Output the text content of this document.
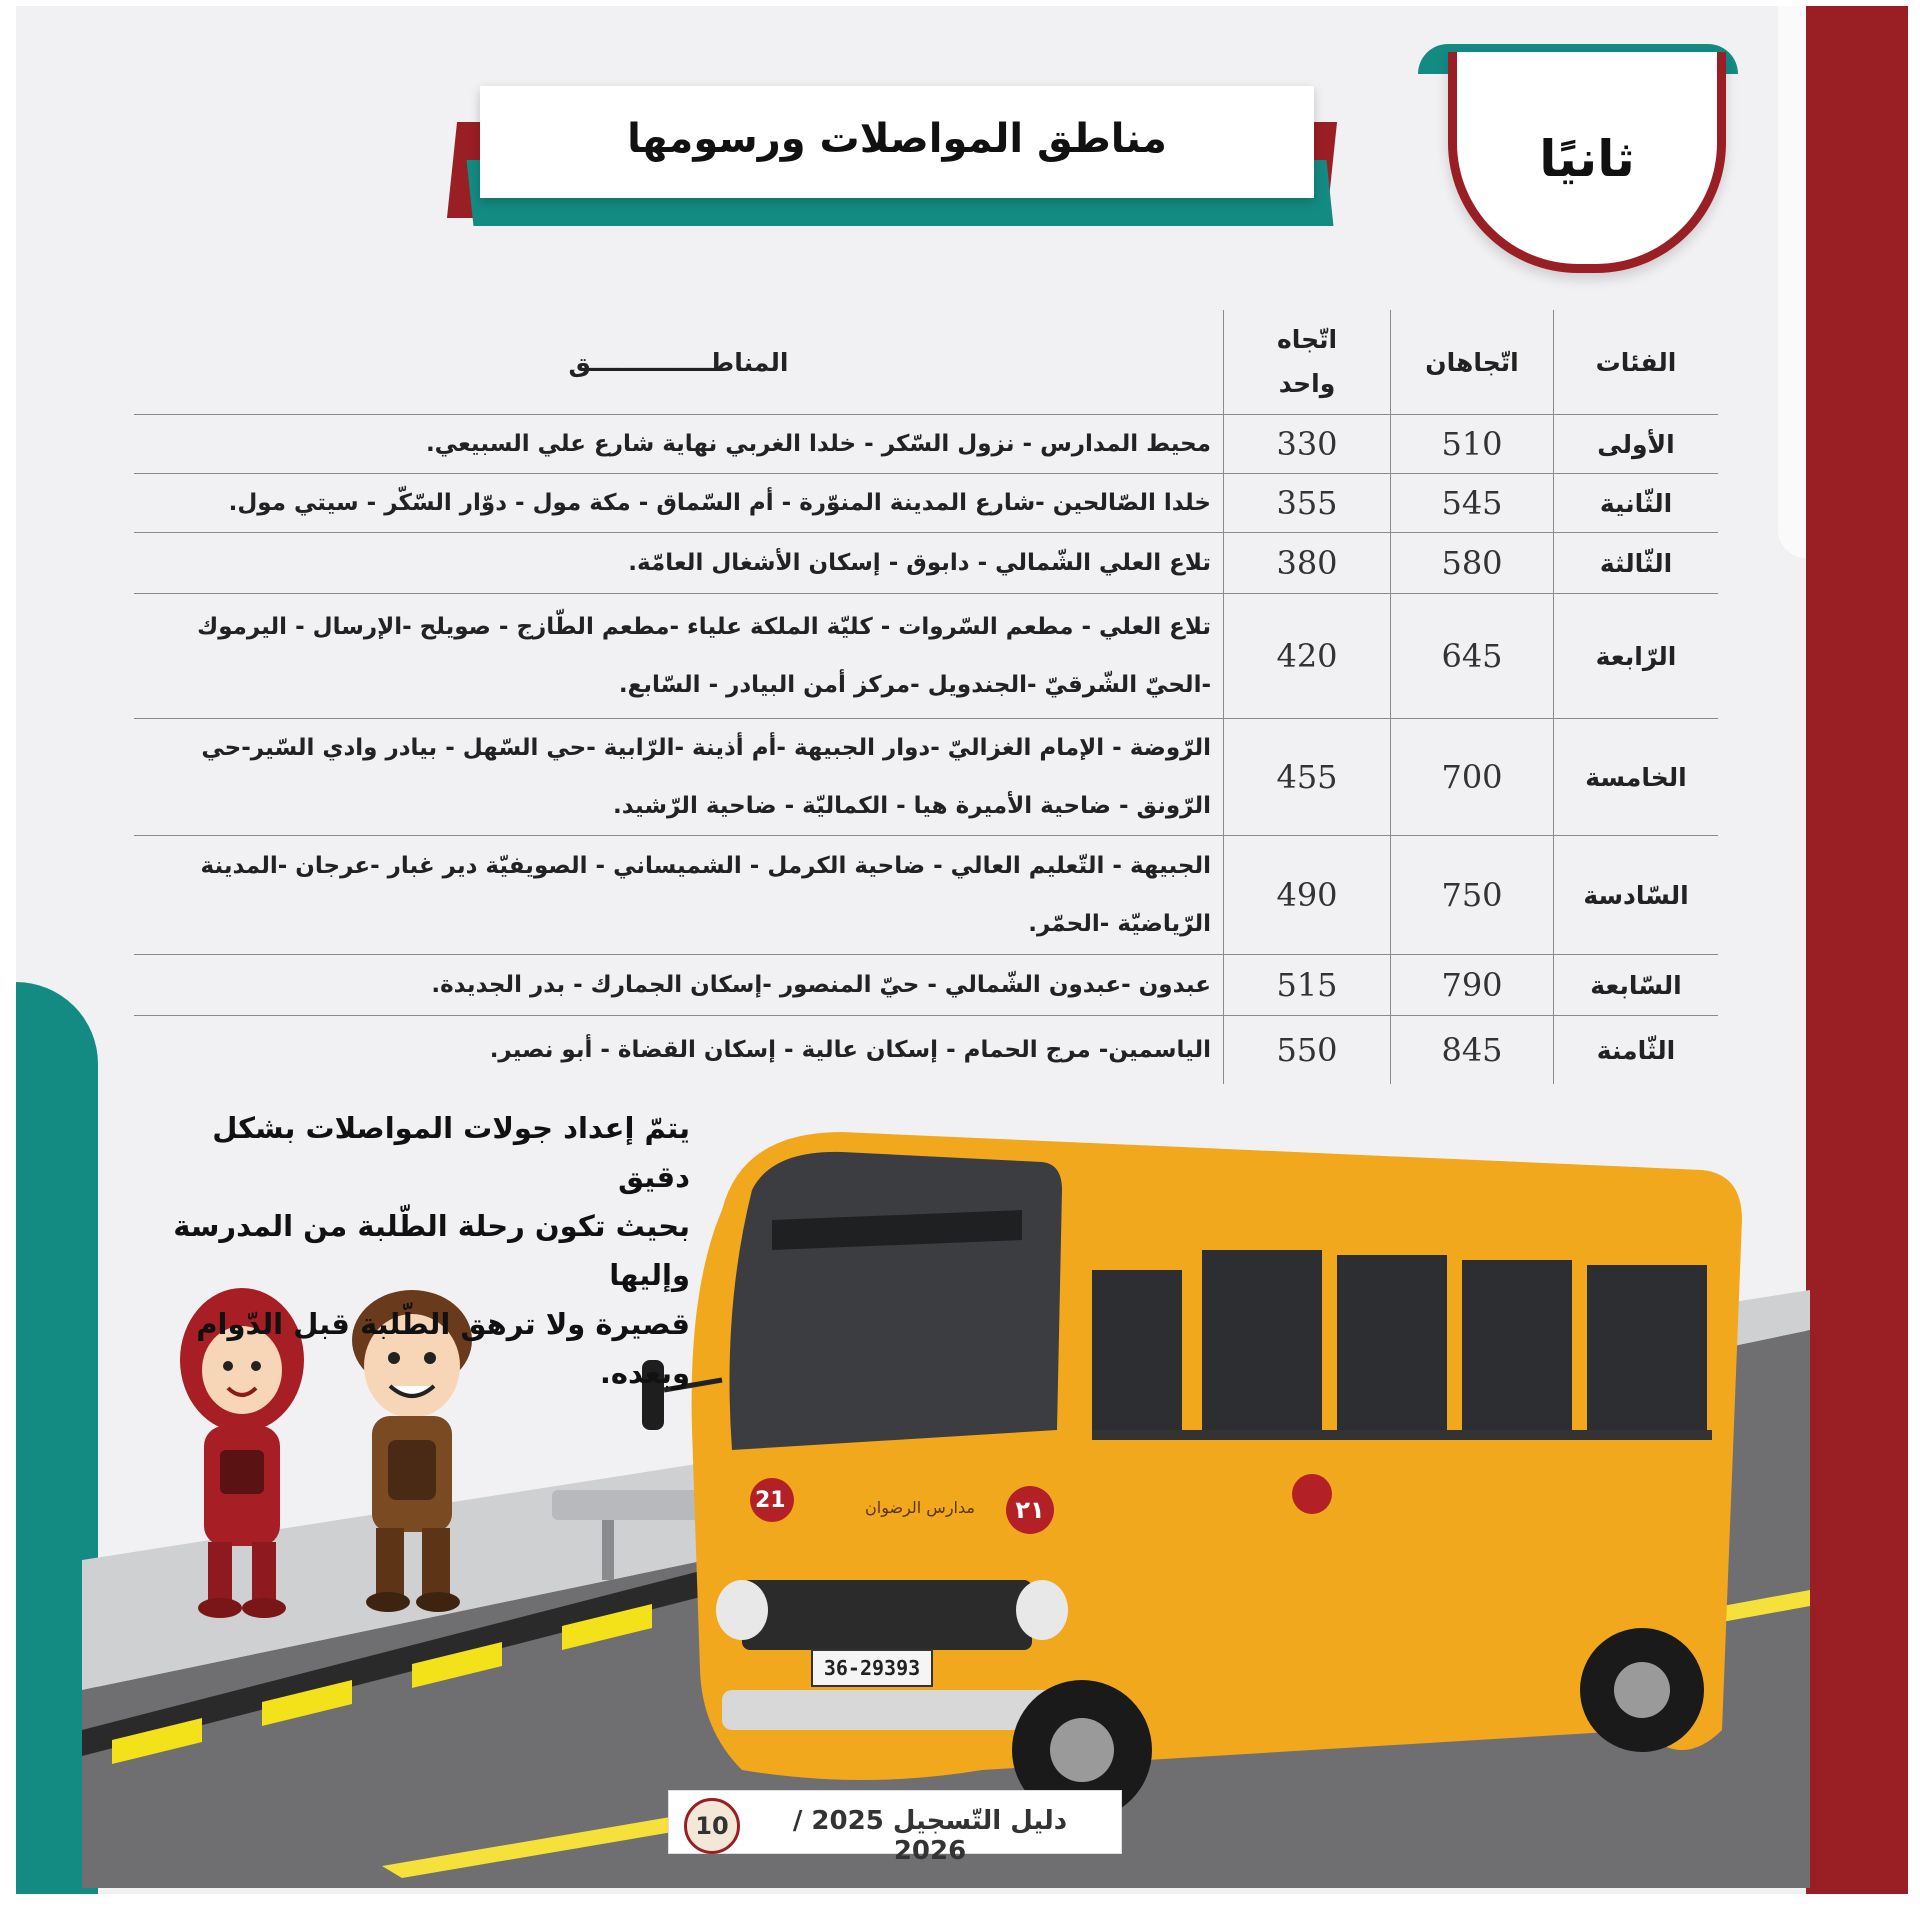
ثانيًا
مناطق المواصلات ورسومها
الفئات	اتّجاهان	اتّجاه واحد	المناطــــــــــــــق
الأولى	510	330	محيط المدارس - نزول السّكر - خلدا الغربي نهاية شارع علي السبيعي.
الثّانية	545	355	خلدا الصّالحين -شارع المدينة المنوّرة - أم السّماق - مكة مول - دوّار السّكّر - سيتي مول.
الثّالثة	580	380	تلاع العلي الشّمالي - دابوق - إسكان الأشغال العامّة.
الرّابعة	645	420	تلاع العلي - مطعم السّروات - كليّة الملكة علياء -مطعم الطّازج - صويلح -الإرسال - اليرموك -الحيّ الشّرقيّ -الجندويل -مركز أمن البيادر - السّابع.
الخامسة	700	455	الرّوضة - الإمام الغزاليّ -دوار الجبيهة -أم أذينة -الرّابية -حي السّهل - بيادر وادي السّير-حي الرّونق - ضاحية الأميرة هيا - الكماليّة - ضاحية الرّشيد.
السّادسة	750	490	الجبيهة - التّعليم العالي - ضاحية الكرمل - الشميساني - الصويفيّة دير غبار -عرجان -المدينة الرّياضيّة -الحمّر.
السّابعة	790	515	عبدون -عبدون الشّمالي - حيّ المنصور -إسكان الجمارك - بدر الجديدة.
الثّامنة	845	550	الياسمين- مرج الحمام - إسكان عالية - إسكان القضاة - أبو نصير.
يتمّ إعداد جولات المواصلات بشكل دقيق
بحيث تكون رحلة الطّلبة من المدرسة وإليها
قصيرة ولا ترهق الطّلبة قبل الدّوام وبعده.
21	٢١
36-29393
مدارس الرضوان
10	دليل التّسجيل 2025 / 2026
